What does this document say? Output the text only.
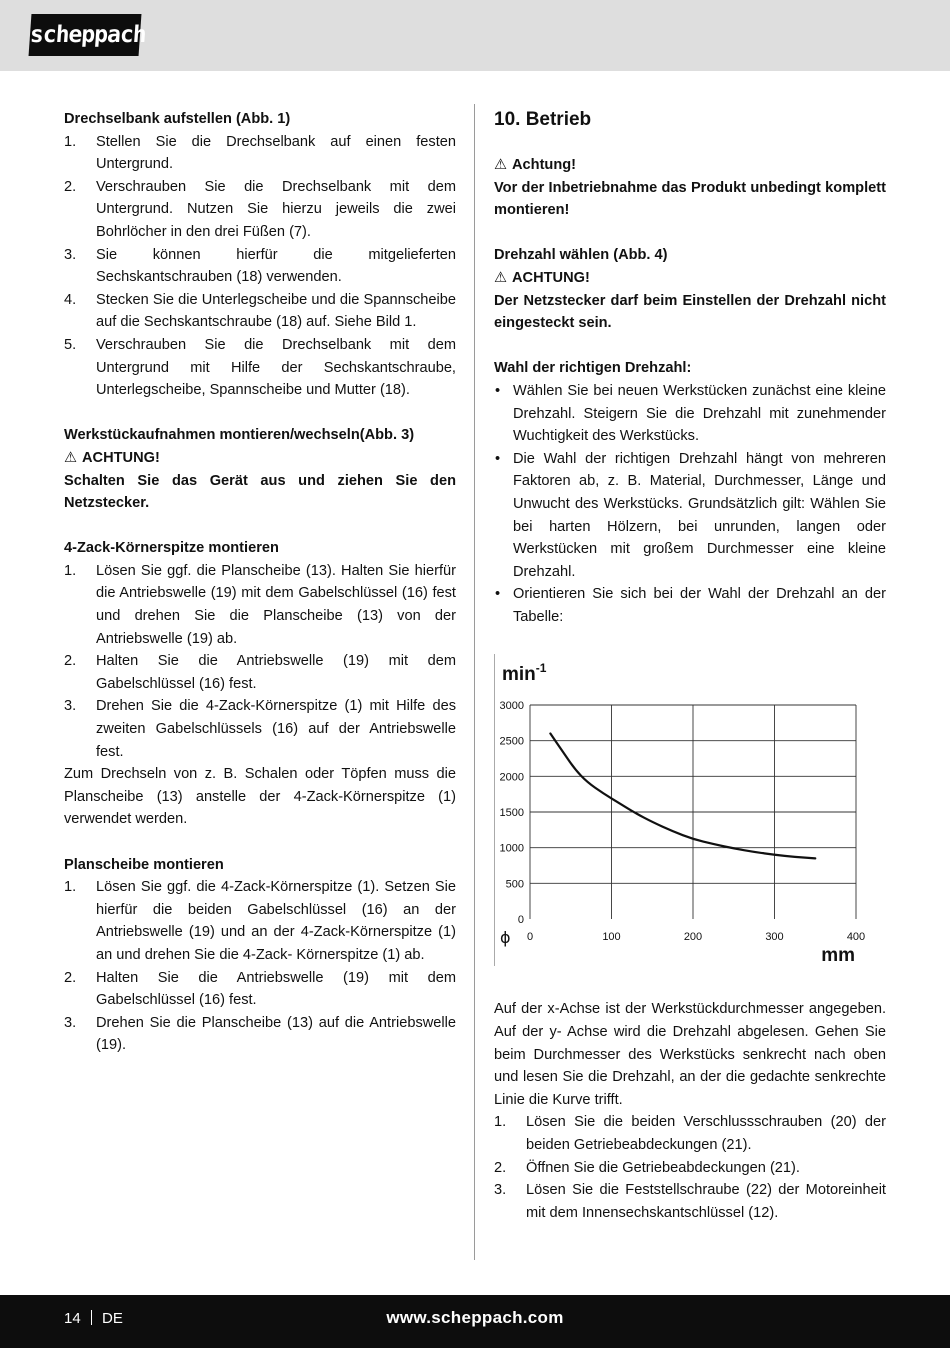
scheppach
Drechselbank aufstellen (Abb. 1)
1.	Stellen Sie die Drechselbank auf einen festen Untergrund.
2.	Verschrauben Sie die Drechselbank mit dem Untergrund. Nutzen Sie hierzu jeweils die zwei Bohrlöcher in den drei Füßen (7).
3.	Sie können hierfür die mitgelieferten Sechskantschrauben (18) verwenden.
4.	Stecken Sie die Unterlegscheibe und die Spannscheibe auf die Sechskantschraube (18) auf. Siehe Bild 1.
5.	Verschrauben Sie die Drechselbank mit dem Untergrund mit Hilfe der Sechskantschraube, Unterlegscheibe, Spannscheibe und Mutter (18).
Werkstückaufnahmen montieren/wechseln(Abb. 3)
⚠ ACHTUNG!
Schalten Sie das Gerät aus und ziehen Sie den Netzstecker.
4-Zack-Körnerspitze montieren
1.	Lösen Sie ggf. die Planscheibe (13). Halten Sie hierfür die Antriebswelle (19) mit dem Gabelschlüssel (16) fest und drehen Sie die Planscheibe (13) von der Antriebswelle (19) ab.
2.	Halten Sie die Antriebswelle (19) mit dem Gabelschlüssel (16) fest.
3.	Drehen Sie die 4-Zack-Körnerspitze (1) mit Hilfe des zweiten Gabelschlüssels (16) auf der Antriebswelle fest.
Zum Drechseln von z. B. Schalen oder Töpfen muss die Planscheibe (13) anstelle der 4-Zack-Körnerspitze (1) verwendet werden.
Planscheibe montieren
1.	Lösen Sie ggf. die 4-Zack-Körnerspitze (1). Setzen Sie hierfür die beiden Gabelschlüssel (16) an der Antriebswelle (19) und an der 4-Zack-Körnerspitze (1) an und drehen Sie die 4-Zack- Körnerspitze (1) ab.
2.	Halten Sie die Antriebswelle (19) mit dem Gabelschlüssel (16) fest.
3.	Drehen Sie die Planscheibe (13) auf die Antriebswelle (19).
10. Betrieb
⚠ Achtung!
Vor der Inbetriebnahme das Produkt unbedingt komplett montieren!
Drehzahl wählen (Abb. 4)
⚠ ACHTUNG!
Der Netzstecker darf beim Einstellen der Drehzahl nicht eingesteckt sein.
Wahl der richtigen Drehzahl:
• Wählen Sie bei neuen Werkstücken zunächst eine kleine Drehzahl. Steigern Sie die Drehzahl mit zunehmender Wuchtigkeit des Werkstücks.
• Die Wahl der richtigen Drehzahl hängt von mehreren Faktoren ab, z. B. Material, Durchmesser, Länge und Unwucht des Werkstücks. Grundsätzlich gilt: Wählen Sie bei harten Hölzern, bei unrunden, langen oder Werkstücken mit großem Durchmesser eine kleine Drehzahl.
• Orientieren Sie sich bei der Wahl der Drehzahl an der Tabelle:
0
500
1000
1500
2000
2500
3000
0	100	200	300	400
$\min^{-1}$
ϕ
mm
Auf der x-Achse ist der Werkstückdurchmesser angegeben. Auf der y- Achse wird die Drehzahl abgelesen. Gehen Sie beim Durchmesser des Werkstücks senkrecht nach oben und lesen Sie die Drehzahl, an der die gedachte senkrechte Linie die Kurve trifft.
1.	Lösen Sie die beiden Verschlussschrauben (20) der beiden Getriebeabdeckungen (21).
2.	Öffnen Sie die Getriebeabdeckungen (21).
3.	Lösen Sie die Feststellschraube (22) der Motoreinheit mit dem Innensechskantschlüssel (12).
14 DE	www.scheppach.com
